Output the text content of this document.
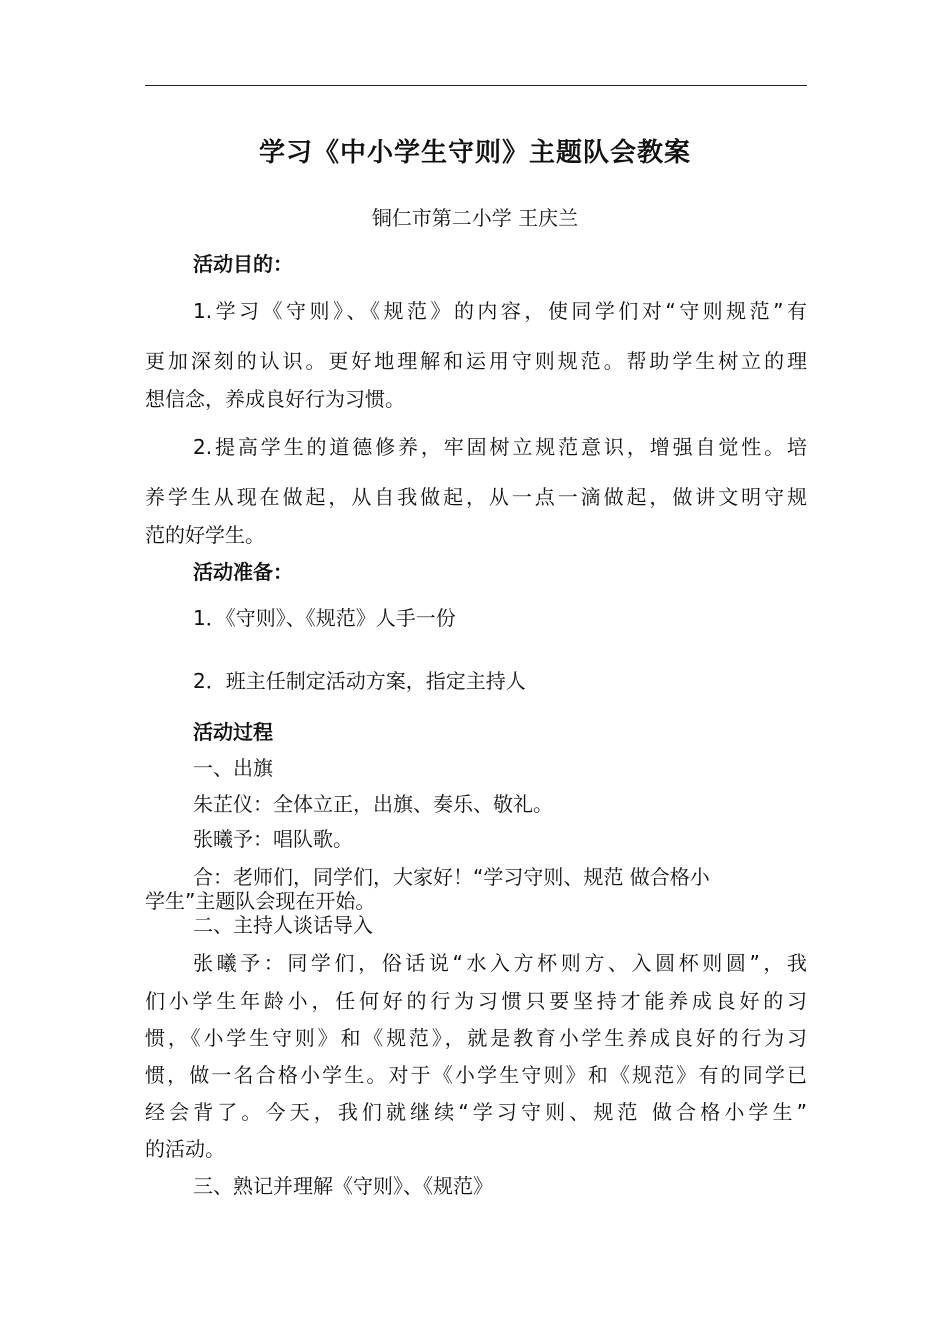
学习《中小学生守则》主题队会教案
铜仁市第二小学 王庆兰
活动目的：
1.学习《守则》、《规范》的内容，使同学们对“守则规范”有
更加深刻的认识。更好地理解和运用守则规范。帮助学生树立的理
想信念，养成良好行为习惯。
2.提高学生的道德修养，牢固树立规范意识，增强自觉性。培
养学生从现在做起，从自我做起，从一点一滴做起，做讲文明守规
范的好学生。
活动准备：
1．《守则》、《规范》人手一份
2．班主任制定活动方案，指定主持人
活动过程
一、出旗
朱芷仪：全体立正，出旗、奏乐、敬礼。
张曦予：唱队歌。
合：老师们，同学们，大家好！“学习守则、规范 做合格小
学生”主题队会现在开始。
二、主持人谈话导入
张曦予：同学们，俗话说“水入方杯则方、入圆杯则圆”，我
们小学生年龄小，任何好的行为习惯只要坚持才能养成良好的习
惯，《小学生守则》和《规范》，就是教育小学生养成良好的行为习
惯，做一名合格小学生。对于《小学生守则》和《规范》有的同学已
经会背了。今天，我们就继续“学习守则、规范 做合格小学生”
的活动。
三、熟记并理解《守则》、《规范》
